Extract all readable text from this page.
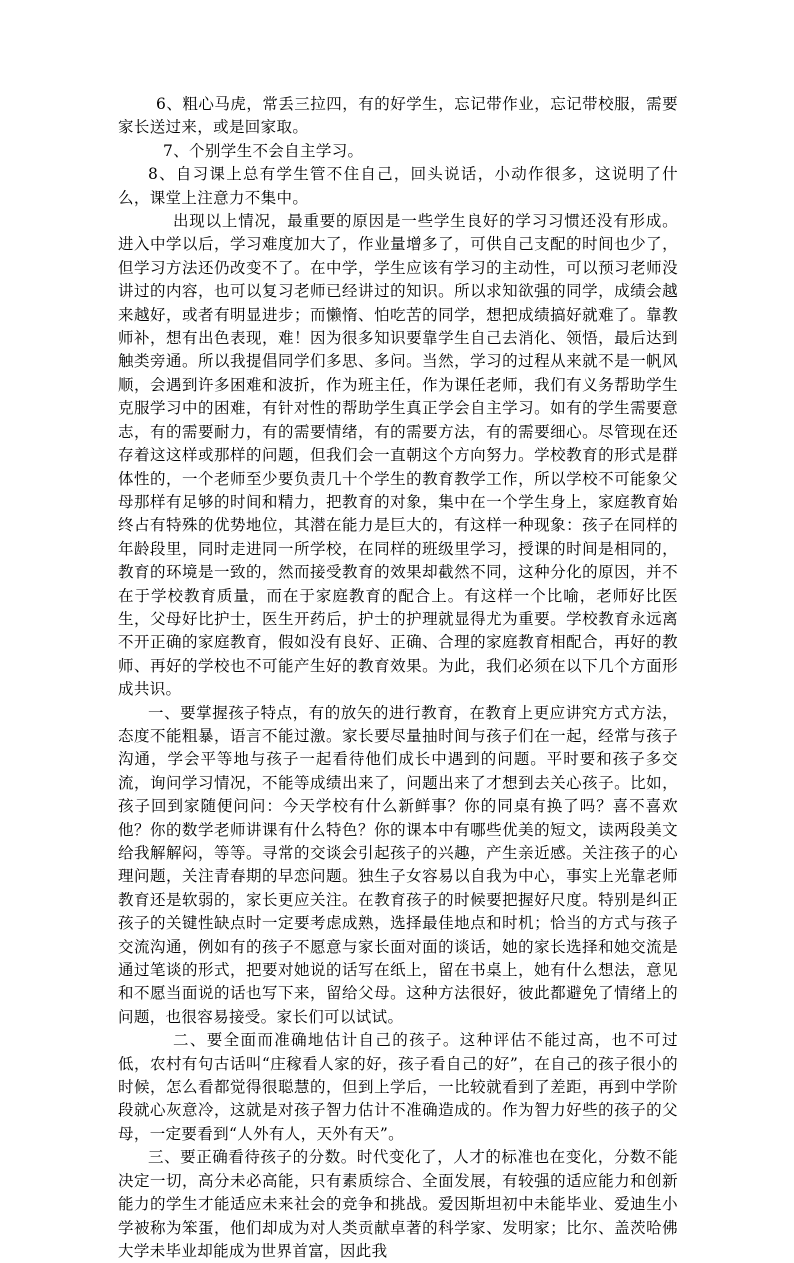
6、粗心马虎，常丢三拉四，有的好学生，忘记带作业，忘记带校服，需要家长送过来，或是回家取。

7、个别学生不会自主学习。

8、自习课上总有学生管不住自己，回头说话，小动作很多，这说明了什么，课堂上注意力不集中。

出现以上情况，最重要的原因是一些学生良好的学习习惯还没有形成。进入中学以后，学习难度加大了，作业量增多了，可供自己支配的时间也少了，但学习方法还仍改变不了。在中学，学生应该有学习的主动性，可以预习老师没讲过的内容，也可以复习老师已经讲过的知识。所以求知欲强的同学，成绩会越来越好，或者有明显进步；而懒惰、怕吃苦的同学，想把成绩搞好就难了。靠教师补，想有出色表现，难！因为很多知识要靠学生自己去消化、领悟，最后达到触类旁通。所以我提倡同学们多思、多问。当然，学习的过程从来就不是一帆风顺，会遇到许多困难和波折，作为班主任，作为课任老师，我们有义务帮助学生克服学习中的困难，有针对性的帮助学生真正学会自主学习。如有的学生需要意志，有的需要耐力，有的需要情绪，有的需要方法，有的需要细心。尽管现在还存着这这样或那样的问题，但我们会一直朝这个方向努力。学校教育的形式是群体性的，一个老师至少要负责几十个学生的教育教学工作，所以学校不可能象父母那样有足够的时间和精力，把教育的对象，集中在一个学生身上，家庭教育始终占有特殊的优势地位，其潜在能力是巨大的，有这样一种现象：孩子在同样的年龄段里，同时走进同一所学校，在同样的班级里学习，授课的时间是相同的，教育的环境是一致的，然而接受教育的效果却截然不同，这种分化的原因，并不在于学校教育质量，而在于家庭教育的配合上。有这样一个比喻，老师好比医生，父母好比护士，医生开药后，护士的护理就显得尤为重要。学校教育永远离不开正确的家庭教育，假如没有良好、正确、合理的家庭教育相配合，再好的教师、再好的学校也不可能产生好的教育效果。为此，我们必须在以下几个方面形成共识。

一、要掌握孩子特点，有的放矢的进行教育，在教育上更应讲究方式方法，态度不能粗暴，语言不能过激。家长要尽量抽时间与孩子们在一起，经常与孩子沟通，学会平等地与孩子一起看待他们成长中遇到的问题。平时要和孩子多交流，询问学习情况，不能等成绩出来了，问题出来了才想到去关心孩子。比如，孩子回到家随便问问：今天学校有什么新鲜事？你的同桌有换了吗？喜不喜欢他？你的数学老师讲课有什么特色？你的课本中有哪些优美的短文，读两段美文给我解解闷，等等。寻常的交谈会引起孩子的兴趣，产生亲近感。关注孩子的心理问题，关注青春期的早恋问题。独生子女容易以自我为中心，事实上光靠老师教育还是软弱的，家长更应关注。在教育孩子的时候要把握好尺度。特别是纠正孩子的关键性缺点时一定要考虑成熟，选择最佳地点和时机；恰当的方式与孩子交流沟通，例如有的孩子不愿意与家长面对面的谈话，她的家长选择和她交流是通过笔谈的形式，把要对她说的话写在纸上，留在书桌上，她有什么想法，意见和不愿当面说的话也写下来，留给父母。这种方法很好，彼此都避免了情绪上的问题，也很容易接受。家长们可以试试。

二、要全面而准确地估计自己的孩子。这种评估不能过高，也不可过低，农村有句古话叫“庄稼看人家的好，孩子看自己的好”，在自己的孩子很小的时候，怎么看都觉得很聪慧的，但到上学后，一比较就看到了差距，再到中学阶段就心灰意冷，这就是对孩子智力估计不准确造成的。作为智力好些的孩子的父母，一定要看到“人外有人，天外有天”。

三、要正确看待孩子的分数。时代变化了，人才的标准也在变化，分数不能决定一切，高分未必高能，只有素质综合、全面发展，有较强的适应能力和创新能力的学生才能适应未来社会的竞争和挑战。爱因斯坦初中未能毕业、爱迪生小学被称为笨蛋，他们却成为对人类贡献卓著的科学家、发明家；比尔、盖茨哈佛大学未毕业却能成为世界首富，因此我
